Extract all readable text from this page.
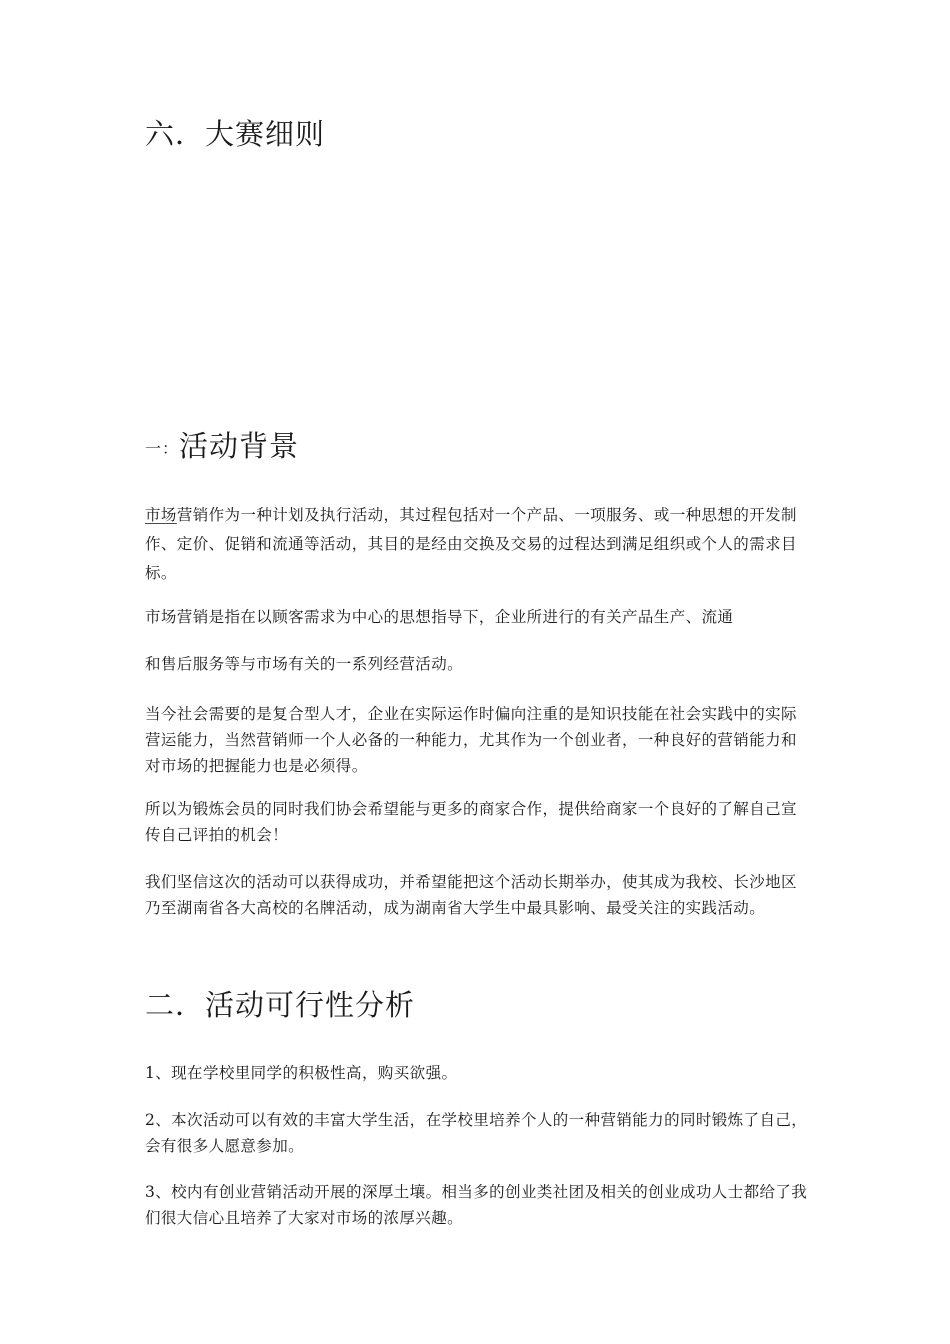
六．大赛细则
一：活动背景

市场营销作为一种计划及执行活动，其过程包括对一个产品、一项服务、或一种思想的开发制作、定价、促销和流通等活动，其目的是经由交换及交易的过程达到满足组织或个人的需求目标。

市场营销是指在以顾客需求为中心的思想指导下，企业所进行的有关产品生产、流通

和售后服务等与市场有关的一系列经营活动。

当今社会需要的是复合型人才，企业在实际运作时偏向注重的是知识技能在社会实践中的实际营运能力，当然营销师一个人必备的一种能力，尤其作为一个创业者，一种良好的营销能力和对市场的把握能力也是必须得。

所以为锻炼会员的同时我们协会希望能与更多的商家合作，提供给商家一个良好的了解自己宣传自己评拍的机会！

我们坚信这次的活动可以获得成功，并希望能把这个活动长期举办，使其成为我校、长沙地区乃至湖南省各大高校的名牌活动，成为湖南省大学生中最具影响、最受关注的实践活动。

二．活动可行性分析

1、现在学校里同学的积极性高，购买欲强。

2、本次活动可以有效的丰富大学生活，在学校里培养个人的一种营销能力的同时锻炼了自己，会有很多人愿意参加。

3、校内有创业营销活动开展的深厚土壤。相当多的创业类社团及相关的创业成功人士都给了我们很大信心且培养了大家对市场的浓厚兴趣。
